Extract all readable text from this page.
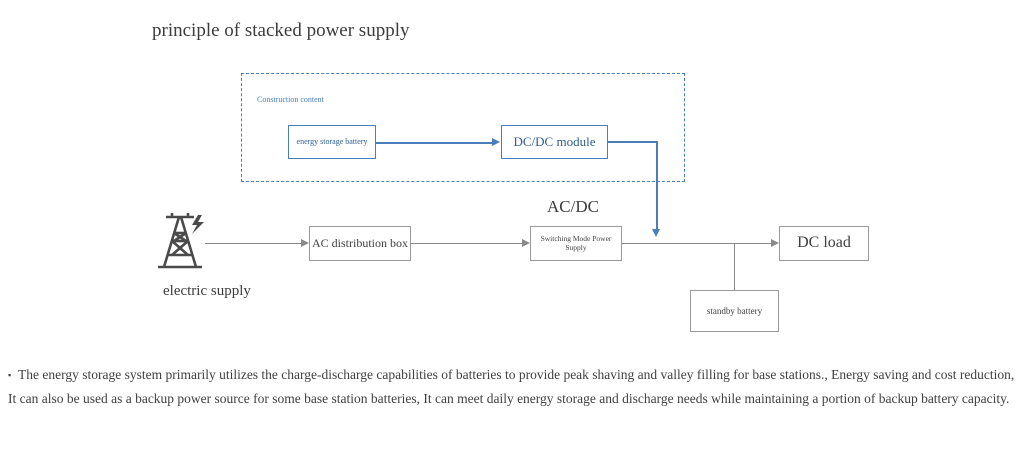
principle of stacked power supply
Construction content
energy storage battery	DC/DC module
AC/DC
electric supply
AC distribution box	Switching Mode Power Supply	DC load
standby battery
▪ The energy storage system primarily utilizes the charge-discharge capabilities of batteries to provide peak shaving and valley filling for base stations., Energy saving and cost reduction, It can also be used as a backup power source for some base station batteries, It can meet daily energy storage and discharge needs while maintaining a portion of backup battery capacity.
